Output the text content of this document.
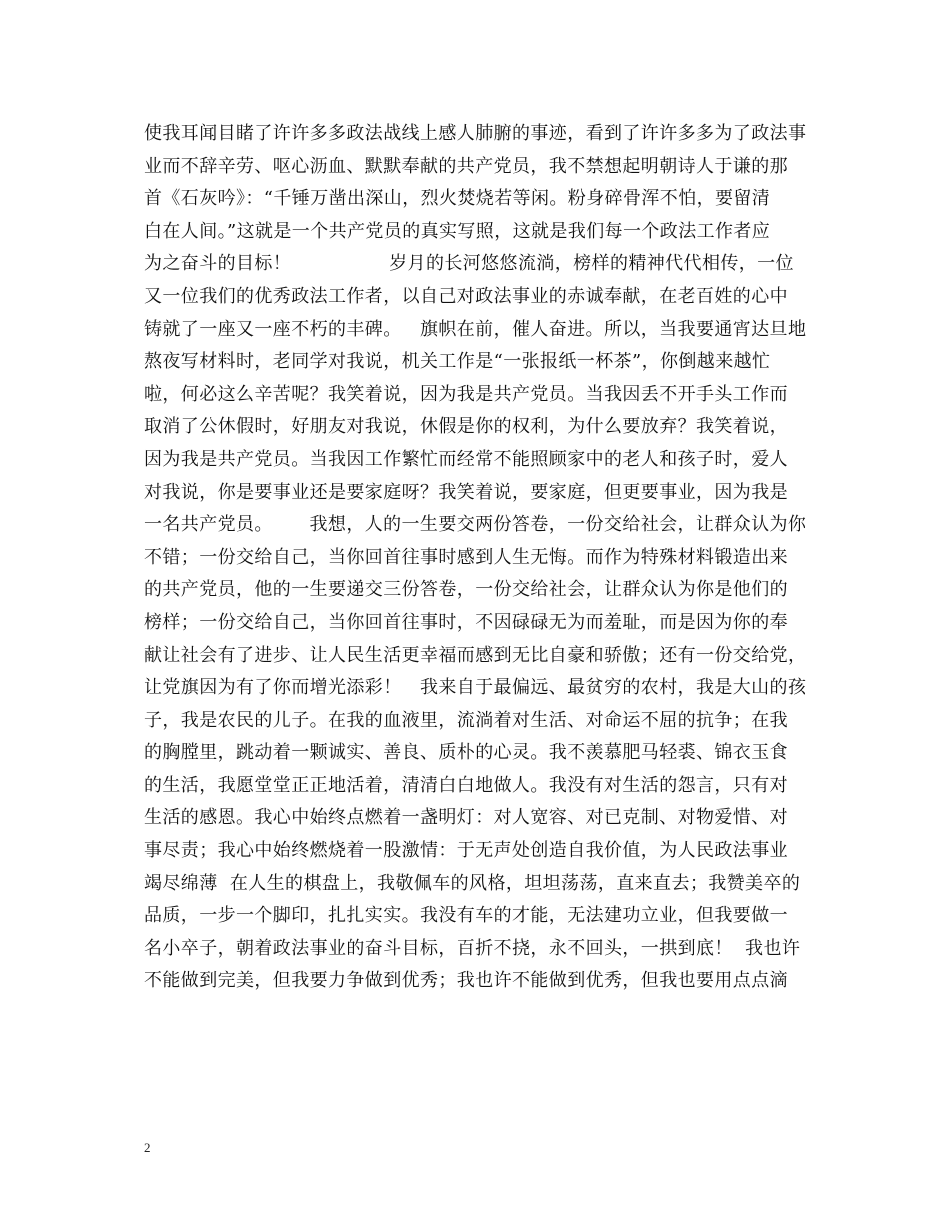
使我耳闻目睹了许许多多政法战线上感人肺腑的事迹，看到了许许多多为了政法事
业而不辞辛劳、呕心沥血、默默奉献的共产党员，我不禁想起明朝诗人于谦的那
首《石灰吟》：“千锤万凿出深山，烈火焚烧若等闲。粉身碎骨浑不怕，要留清
白在人间。”这就是一个共产党员的真实写照，这就是我们每一个政法工作者应
为之奋斗的目标！                岁月的长河悠悠流淌，榜样的精神代代相传，一位
又一位我们的优秀政法工作者，以自己对政法事业的赤诚奉献，在老百姓的心中
铸就了一座又一座不朽的丰碑。   旗帜在前，催人奋进。所以，当我要通宵达旦地
熬夜写材料时，老同学对我说，机关工作是“一张报纸一杯茶”，你倒越来越忙
啦，何必这么辛苦呢？我笑着说，因为我是共产党员。当我因丢不开手头工作而
取消了公休假时，好朋友对我说，休假是你的权利，为什么要放弃？我笑着说，
因为我是共产党员。当我因工作繁忙而经常不能照顾家中的老人和孩子时，爱人
对我说，你是要事业还是要家庭呀？我笑着说，要家庭，但更要事业，因为我是
一名共产党员。      我想，人的一生要交两份答卷，一份交给社会，让群众认为你
不错；一份交给自己，当你回首往事时感到人生无悔。而作为特殊材料锻造出来
的共产党员，他的一生要递交三份答卷，一份交给社会，让群众认为你是他们的
榜样；一份交给自己，当你回首往事时，不因碌碌无为而羞耻，而是因为你的奉
献让社会有了进步、让人民生活更幸福而感到无比自豪和骄傲；还有一份交给党，
让党旗因为有了你而增光添彩！   我来自于最偏远、最贫穷的农村，我是大山的孩
子，我是农民的儿子。在我的血液里，流淌着对生活、对命运不屈的抗争；在我
的胸膛里，跳动着一颗诚实、善良、质朴的心灵。我不羡慕肥马轻裘、锦衣玉食
的生活，我愿堂堂正正地活着，清清白白地做人。我没有对生活的怨言，只有对
生活的感恩。我心中始终点燃着一盏明灯：对人宽容、对已克制、对物爱惜、对
事尽责；我心中始终燃烧着一股激情：于无声处创造自我价值，为人民政法事业
竭尽绵薄  在人生的棋盘上，我敬佩车的风格，坦坦荡荡，直来直去；我赞美卒的
品质，一步一个脚印，扎扎实实。我没有车的才能，无法建功立业，但我要做一
名小卒子，朝着政法事业的奋斗目标，百折不挠，永不回头，一拱到底！  我也许
不能做到完美，但我要力争做到优秀；我也许不能做到优秀，但我也要用点点滴
2
